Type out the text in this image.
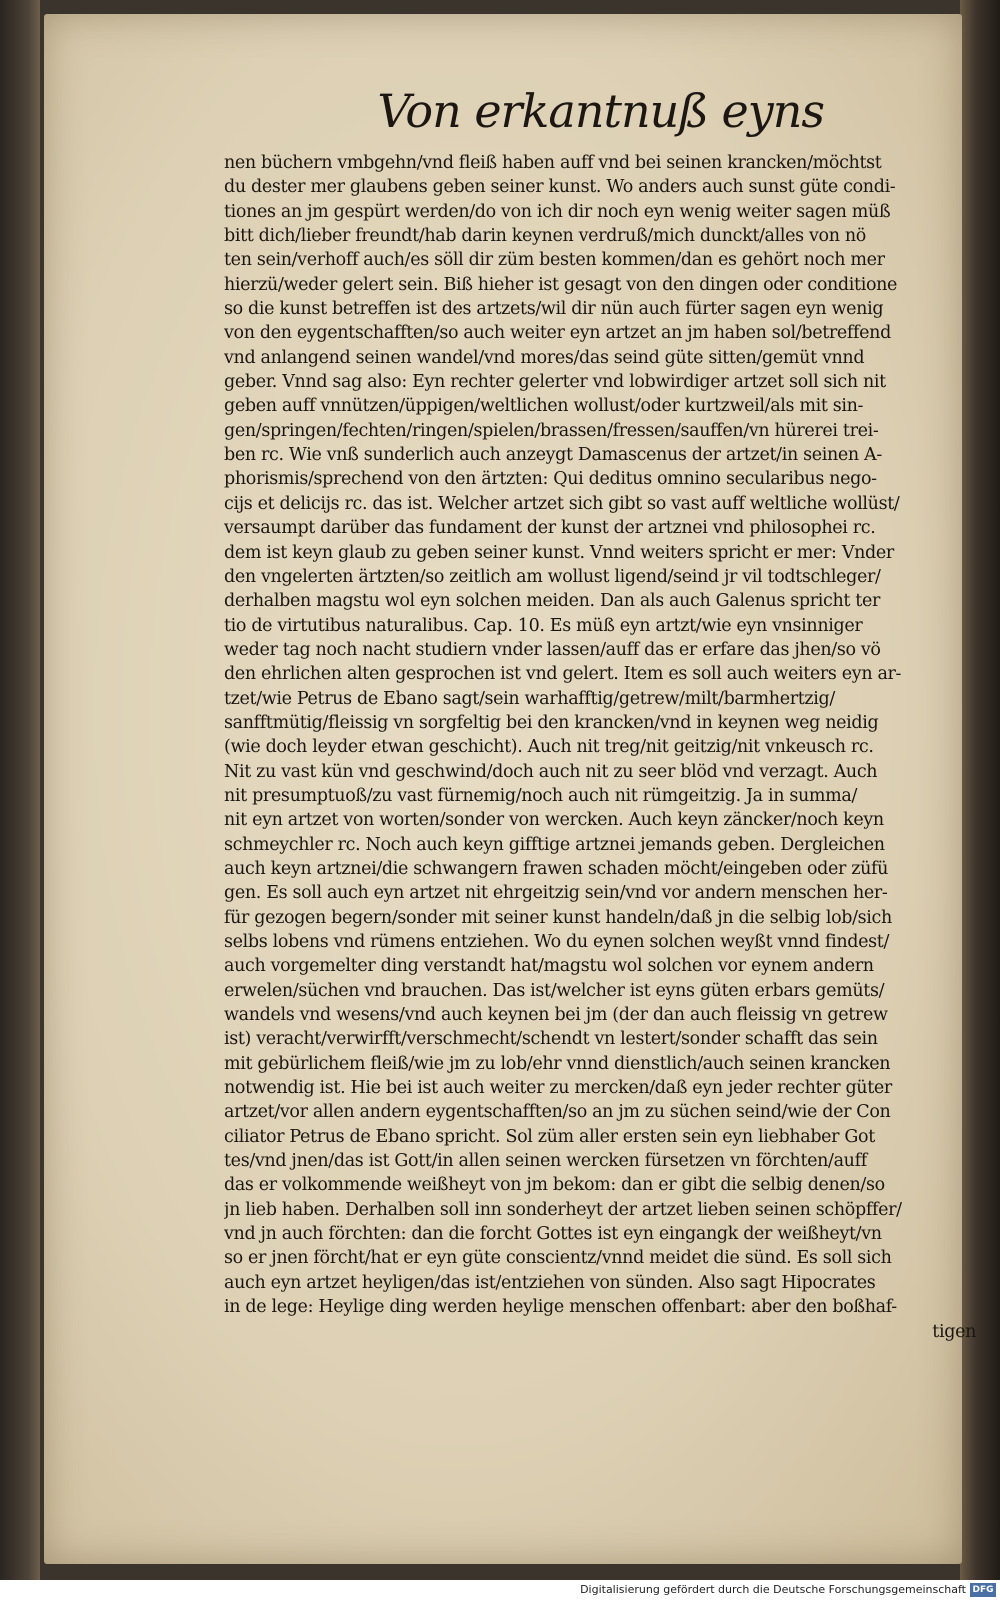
Von erkantnuß eyns
nen büchern vmbgehn/vnd fleiß haben auff vnd bei seinen krancken/möchtst
du dester mer glaubens geben seiner kunst. Wo anders auch sunst güte condi-
tiones an jm gespürt werden/do von ich dir noch eyn wenig weiter sagen müß
bitt dich/lieber freundt/hab darin keynen verdruß/mich dunckt/alles von nö
ten sein/verhoff auch/es söll dir züm besten kommen/dan es gehört noch mer
hierzü/weder gelert sein. Biß hieher ist gesagt von den dingen oder conditione
so die kunst betreffen ist des artzets/wil dir nün auch fürter sagen eyn wenig
von den eygentschafften/so auch weiter eyn artzet an jm haben sol/betreffend
vnd anlangend seinen wandel/vnd mores/das seind güte sitten/gemüt vnnd
geber. Vnnd sag also: Eyn rechter gelerter vnd lobwirdiger artzet soll sich nit
geben auff vnnützen/üppigen/weltlichen wollust/oder kurtzweil/als mit sin-
gen/springen/fechten/ringen/spielen/brassen/fressen/sauffen/vn hürerei trei-
ben rc. Wie vnß sunderlich auch anzeygt Damascenus der artzet/in seinen A-
phorismis/sprechend von den ärtzten: Qui deditus omnino secularibus nego-
cijs et delicijs rc. das ist. Welcher artzet sich gibt so vast auff weltliche wollüst/
versaumpt darüber das fundament der kunst der artznei vnd philosophei rc.
dem ist keyn glaub zu geben seiner kunst. Vnnd weiters spricht er mer: Vnder
den vngelerten ärtzten/so zeitlich am wollust ligend/seind jr vil todtschleger/
derhalben magstu wol eyn solchen meiden. Dan als auch Galenus spricht ter
tio de virtutibus naturalibus. Cap. 10. Es müß eyn artzt/wie eyn vnsinniger
weder tag noch nacht studiern vnder lassen/auff das er erfare das jhen/so vö
den ehrlichen alten gesprochen ist vnd gelert. Item es soll auch weiters eyn ar-
tzet/wie Petrus de Ebano sagt/sein warhafftig/getrew/milt/barmhertzig/
sanfftmütig/fleissig vn sorgfeltig bei den krancken/vnd in keynen weg neidig
(wie doch leyder etwan geschicht). Auch nit treg/nit geitzig/nit vnkeusch rc.
Nit zu vast kün vnd geschwind/doch auch nit zu seer blöd vnd verzagt. Auch
nit presumptuoß/zu vast fürnemig/noch auch nit rümgeitzig. Ja in summa/
nit eyn artzet von worten/sonder von wercken. Auch keyn zäncker/noch keyn
schmeychler rc. Noch auch keyn gifftige artznei jemands geben. Dergleichen
auch keyn artznei/die schwangern frawen schaden möcht/eingeben oder züfü
gen. Es soll auch eyn artzet nit ehrgeitzig sein/vnd vor andern menschen her-
für gezogen begern/sonder mit seiner kunst handeln/daß jn die selbig lob/sich
selbs lobens vnd rümens entziehen. Wo du eynen solchen weyßt vnnd findest/
auch vorgemelter ding verstandt hat/magstu wol solchen vor eynem andern
erwelen/süchen vnd brauchen. Das ist/welcher ist eyns güten erbars gemüts/
wandels vnd wesens/vnd auch keynen bei jm (der dan auch fleissig vn getrew
ist) veracht/verwirfft/verschmecht/schendt vn lestert/sonder schafft das sein
mit gebürlichem fleiß/wie jm zu lob/ehr vnnd dienstlich/auch seinen krancken
notwendig ist. Hie bei ist auch weiter zu mercken/daß eyn jeder rechter güter
artzet/vor allen andern eygentschafften/so an jm zu süchen seind/wie der Con
ciliator Petrus de Ebano spricht. Sol züm aller ersten sein eyn liebhaber Got
tes/vnd jnen/das ist Gott/in allen seinen wercken fürsetzen vn förchten/auff
das er volkommende weißheyt von jm bekom: dan er gibt die selbig denen/so
jn lieb haben. Derhalben soll inn sonderheyt der artzet lieben seinen schöpffer/
vnd jn auch förchten: dan die forcht Gottes ist eyn eingangk der weißheyt/vn
so er jnen förcht/hat er eyn güte conscientz/vnnd meidet die sünd. Es soll sich
auch eyn artzet heyligen/das ist/entziehen von sünden. Also sagt Hipocrates
in de lege: Heylige ding werden heylige menschen offenbart: aber den boßhaf-
tigen
Digitalisierung gefördert durch die Deutsche Forschungsgemeinschaft DFG
